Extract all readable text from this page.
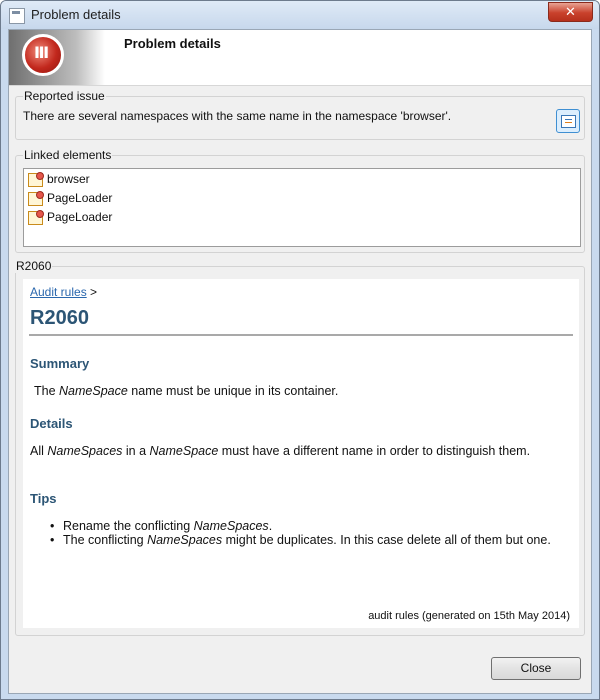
Problem details	✕
Ⅲ
Problem details
Reported issue
There are several namespaces with the same name in the namespace 'browser'.
Linked elements
browser
PageLoader
PageLoader
R2060
Audit rules >
R2060
Summary
The NameSpace name must be unique in its container.
Details
All NameSpaces in a NameSpace must have a different name in order to distinguish them.
Tips
• Rename the conflicting NameSpaces.
• The conflicting NameSpaces might be duplicates. In this case delete all of them but one.
audit rules (generated on 15th May 2014)
Close
